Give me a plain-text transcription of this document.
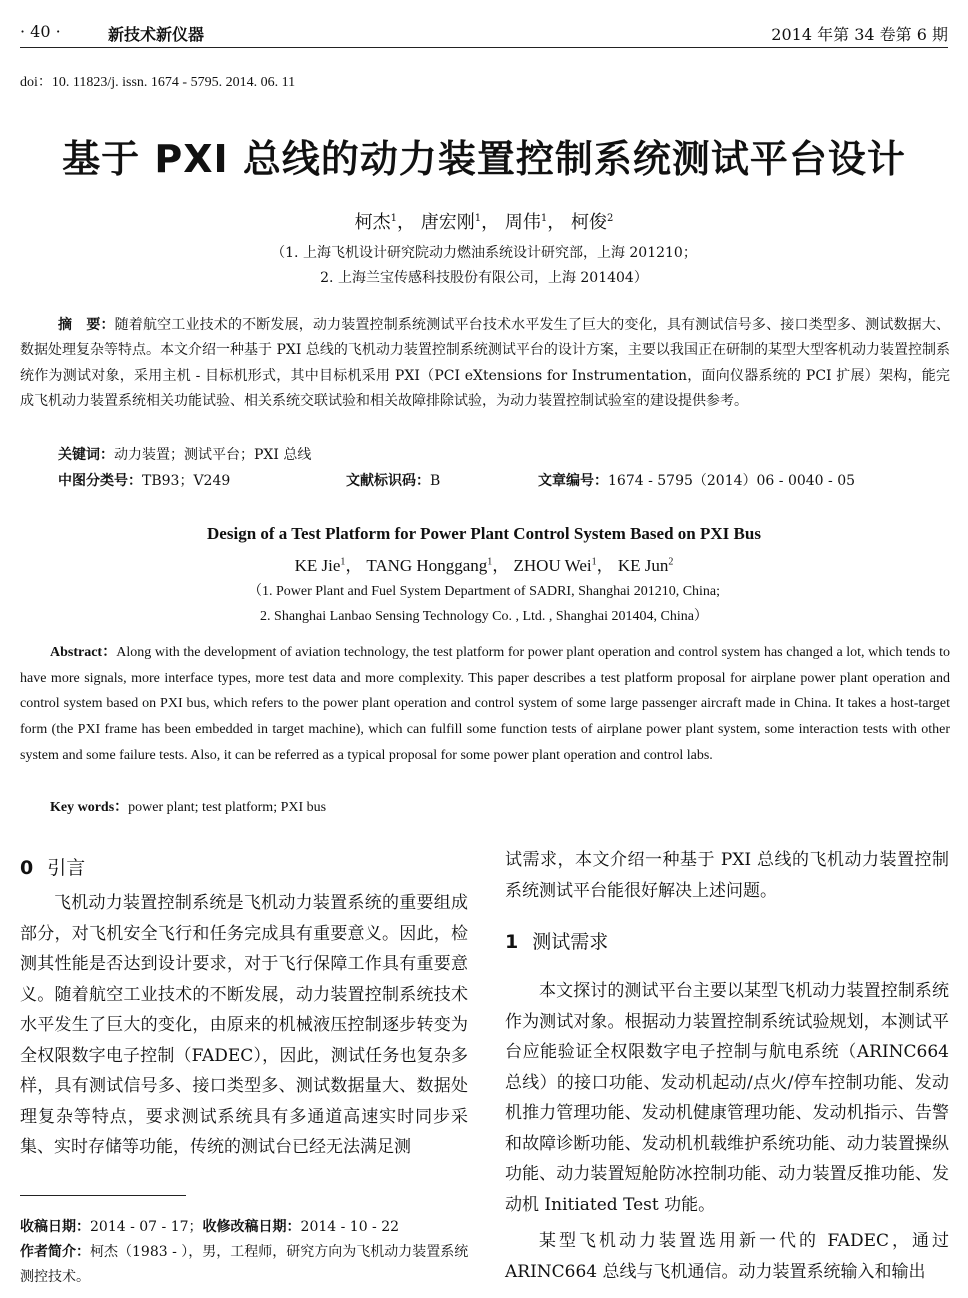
· 40 ·	新技术新仪器	2014 年第 34 卷第 6 期
doi：10. 11823/j. issn. 1674 - 5795. 2014. 06. 11
基于 PXI 总线的动力装置控制系统测试平台设计
柯杰$^1$， 唐宏刚$^1$， 周伟$^1$， 柯俊$^2$
（1. 上海飞机设计研究院动力燃油系统设计研究部，上海 201210；
2. 上海兰宝传感科技股份有限公司，上海 201404）
摘　要：随着航空工业技术的不断发展，动力装置控制系统测试平台技术水平发生了巨大的变化，具有测试信号多、接口类型多、测试数据大、数据处理复杂等特点。本文介绍一种基于 PXI 总线的飞机动力装置控制系统测试平台的设计方案，主要以我国正在研制的某型大型客机动力装置控制系统作为测试对象，采用主机 - 目标机形式，其中目标机采用 PXI（PCI eXtensions for Instrumentation，面向仪器系统的 PCI 扩展）架构，能完成飞机动力装置系统相关功能试验、相关系统交联试验和相关故障排除试验，为动力装置控制试验室的建设提供参考。
关键词：动力装置；测试平台；PXI 总线
中图分类号：TB93；V249	文献标识码：B	文章编号：1674 - 5795（2014）06 - 0040 - 05
Design of a Test Platform for Power Plant Control System Based on PXI Bus
KE Jie$^1$， TANG Honggang$^1$， ZHOU Wei$^1$， KE Jun$^2$
（1. Power Plant and Fuel System Department of SADRI, Shanghai 201210, China;
2. Shanghai Lanbao Sensing Technology Co. , Ltd. , Shanghai 201404, China）
Abstract：Along with the development of aviation technology, the test platform for power plant operation and control system has changed a lot, which tends to have more signals, more interface types, more test data and more complexity. This paper describes a test platform proposal for airplane power plant operation and control system based on PXI bus, which refers to the power plant operation and control system of some large passenger aircraft made in China. It takes a host-target form (the PXI frame has been embedded in target machine), which can fulfill some function tests of airplane power plant system, some interaction tests with other system and some failure tests. Also, it can be referred as a typical proposal for some power plant operation and control labs.
Key words：power plant; test platform; PXI bus
0 引言
飞机动力装置控制系统是飞机动力装置系统的重要组成部分，对飞机安全飞行和任务完成具有重要意义。因此，检测其性能是否达到设计要求，对于飞行保障工作具有重要意义。随着航空工业技术的不断发展，动力装置控制系统技术水平发生了巨大的变化，由原来的机械液压控制逐步转变为全权限数字电子控制（FADEC），因此，测试任务也复杂多样，具有测试信号多、接口类型多、测试数据量大、数据处理复杂等特点，要求测试系统具有多通道高速实时同步采集、实时存储等功能，传统的测试台已经无法满足测
试需求，本文介绍一种基于 PXI 总线的飞机动力装置控制系统测试平台能很好解决上述问题。
1 测试需求
本文探讨的测试平台主要以某型飞机动力装置控制系统作为测试对象。根据动力装置控制系统试验规划，本测试平台应能验证全权限数字电子控制与航电系统（ARINC664 总线）的接口功能、发动机起动/点火/停车控制功能、发动机推力管理功能、发动机健康管理功能、发动机指示、告警和故障诊断功能、发动机机载维护系统功能、动力装置操纵功能、动力装置短舱防冰控制功能、动力装置反推功能、发动机 Initiated Test 功能。
某型飞机动力装置选用新一代的 FADEC，通过 ARINC664 总线与飞机通信。动力装置系统输入和输出
收稿日期：2014 - 07 - 17；收修改稿日期：2014 - 10 - 22
作者简介：柯杰（1983 - ），男，工程师，研究方向为飞机动力装置系统测控技术。
